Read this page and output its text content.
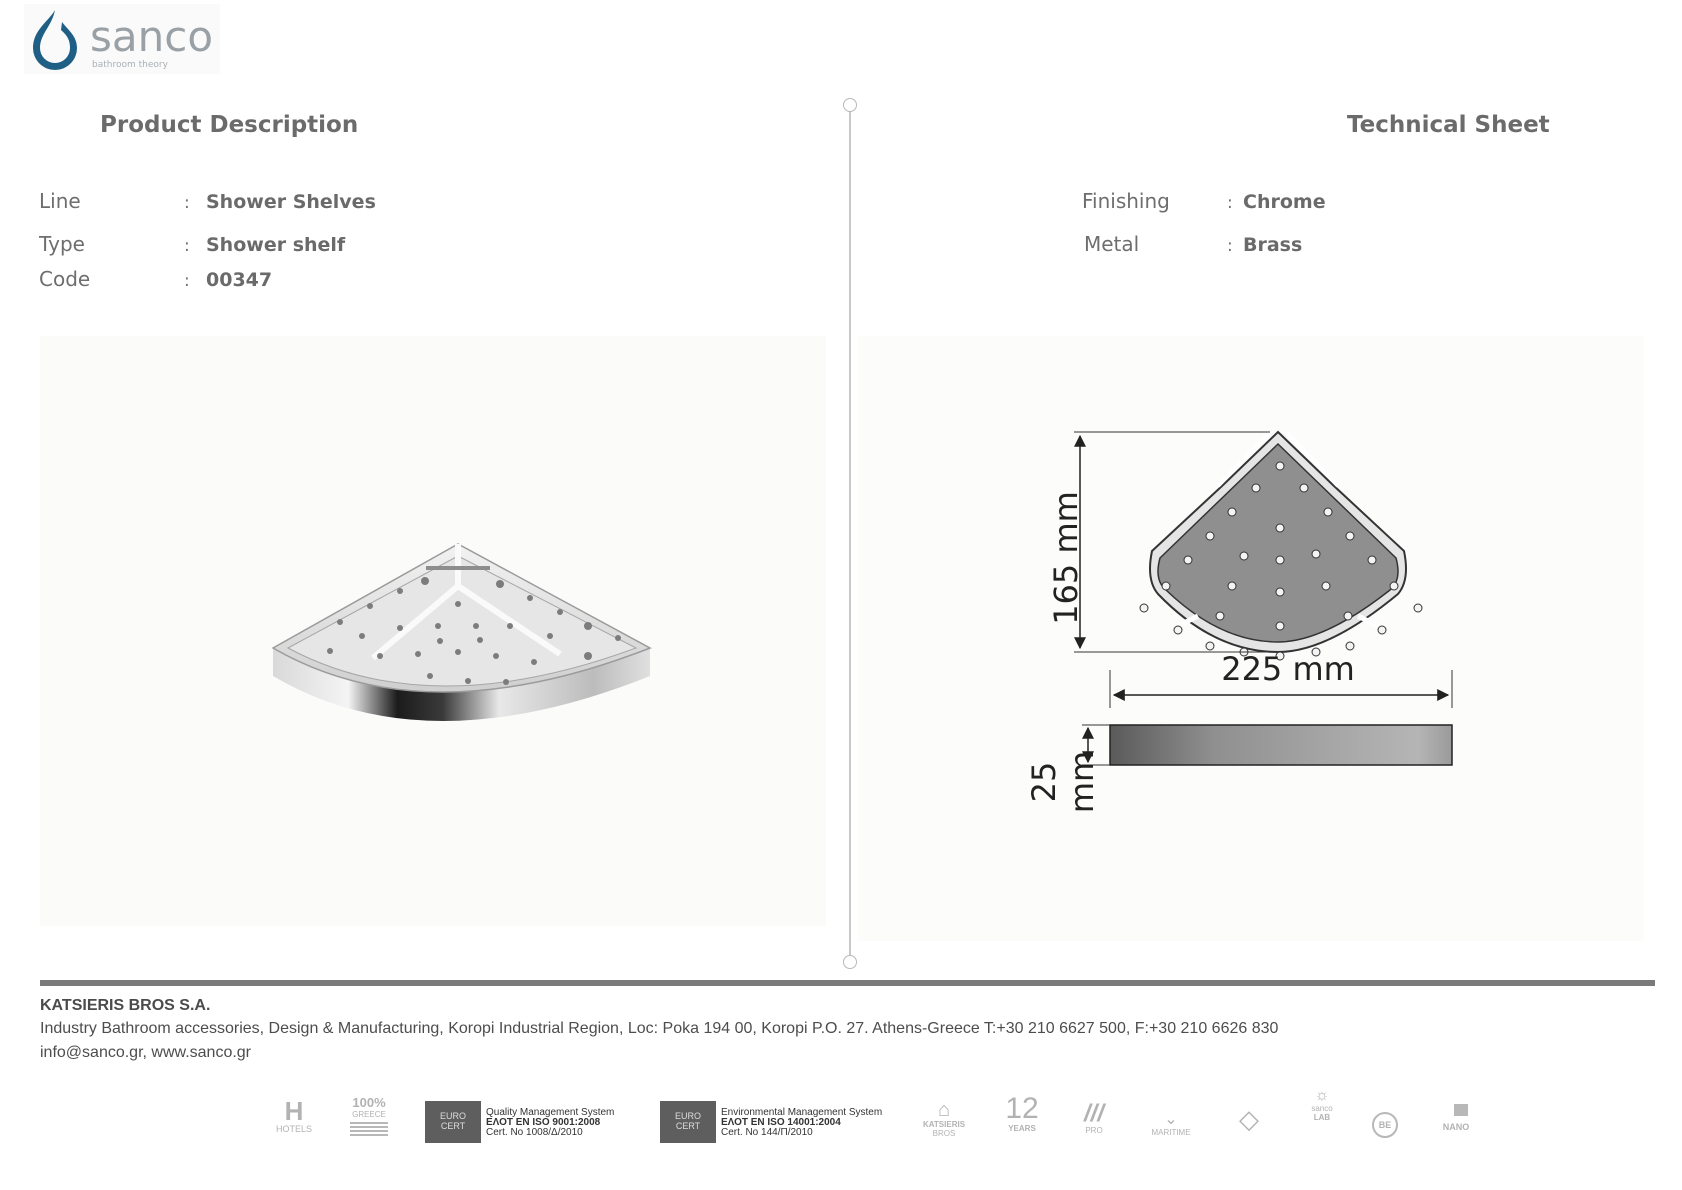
sanco
bathroom theory
Product Description
Line	: Shower Shelves
Type	: Shower shelf
Code	: 00347
Technical Sheet
Finishing	: Chrome
Metal	: Brass
165 mm
225 mm
25 mm
KATSIERIS BROS S.A.
Industry Bathroom accessories, Design & Manufacturing, Koropi Industrial Region, Loc: Poka 194 00, Koropi P.O. 27. Athens-Greece T:+30 210 6627 500, F:+30 210 6626 830
info@sanco.gr, www.sanco.gr
H
HOTELS
100%
GREECE	EURO
CERT
Quality Management System
ΕΛΟΤ EN ISO 9001:2008
Cert. No 1008/Δ/2010
EURO
CERT
Environmental Management System
ΕΛΟΤ EN ISO 14001:2004
Cert. No 144/Π/2010
⌂
KATSIERIS
BROS
12
YEARS
///
PRO
⌄
MARITIME	◇
☼
sanco
LAB
BE	NANO
